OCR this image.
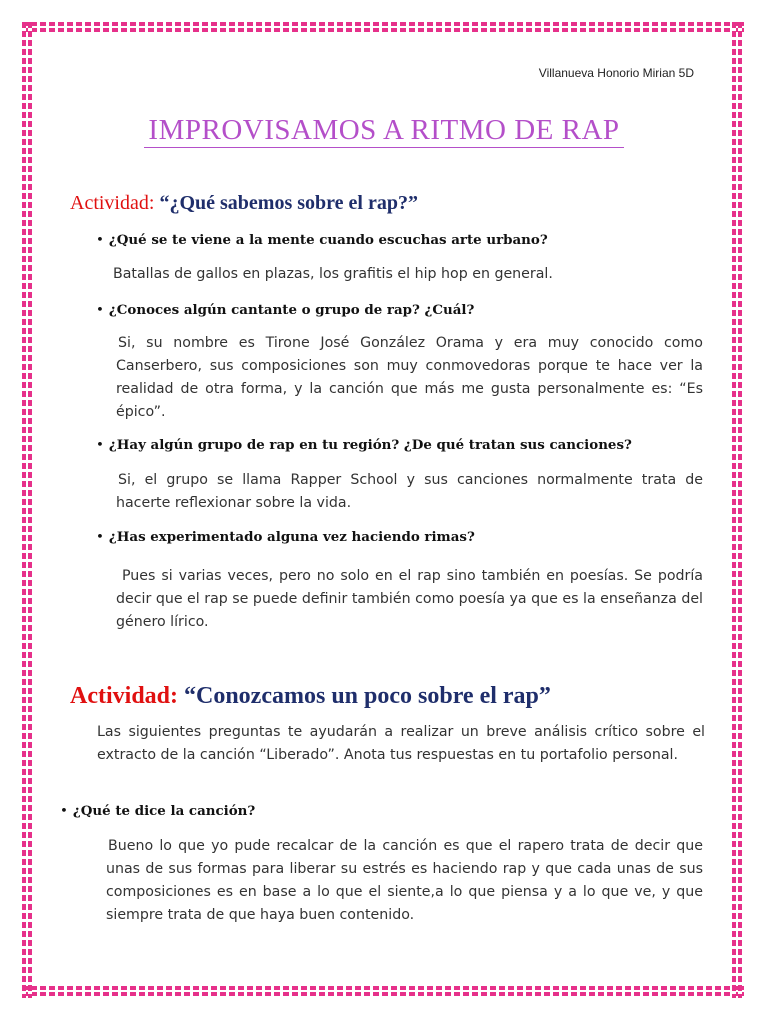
Villanueva Honorio Mirian 5D
IMPROVISAMOS A RITMO DE RAP
Actividad: “¿Qué sabemos sobre el rap?”
• ¿Qué se te viene a la mente cuando escuchas arte urbano?
Batallas de gallos en plazas, los grafitis el hip hop en general.
• ¿Conoces algún cantante o grupo de rap? ¿Cuál?
Si, su nombre es Tirone José González Orama y era muy conocido como Canserbero, sus composiciones son muy conmovedoras porque te hace ver la realidad de otra forma, y la canción que más me gusta personalmente es: “Es épico”.
• ¿Hay algún grupo de rap en tu región? ¿De qué tratan sus canciones?
Si, el grupo se llama Rapper School y sus canciones normalmente trata de hacerte reflexionar sobre la vida.
• ¿Has experimentado alguna vez haciendo rimas?
Pues si varias veces, pero no solo en el rap sino también en poesías. Se podría decir que el rap se puede definir también como poesía ya que es la enseñanza del género lírico.
Actividad: “Conozcamos un poco sobre el rap”
Las siguientes preguntas te ayudarán a realizar un breve análisis crítico sobre el extracto de la canción “Liberado”. Anota tus respuestas en tu portafolio personal.
• ¿Qué te dice la canción?
Bueno lo que yo pude recalcar de la canción es que el rapero trata de decir que unas de sus formas para liberar su estrés es haciendo rap y que cada unas de sus composiciones es en base a lo que el siente,a lo que piensa y a lo que ve, y que siempre trata de que haya buen contenido.
